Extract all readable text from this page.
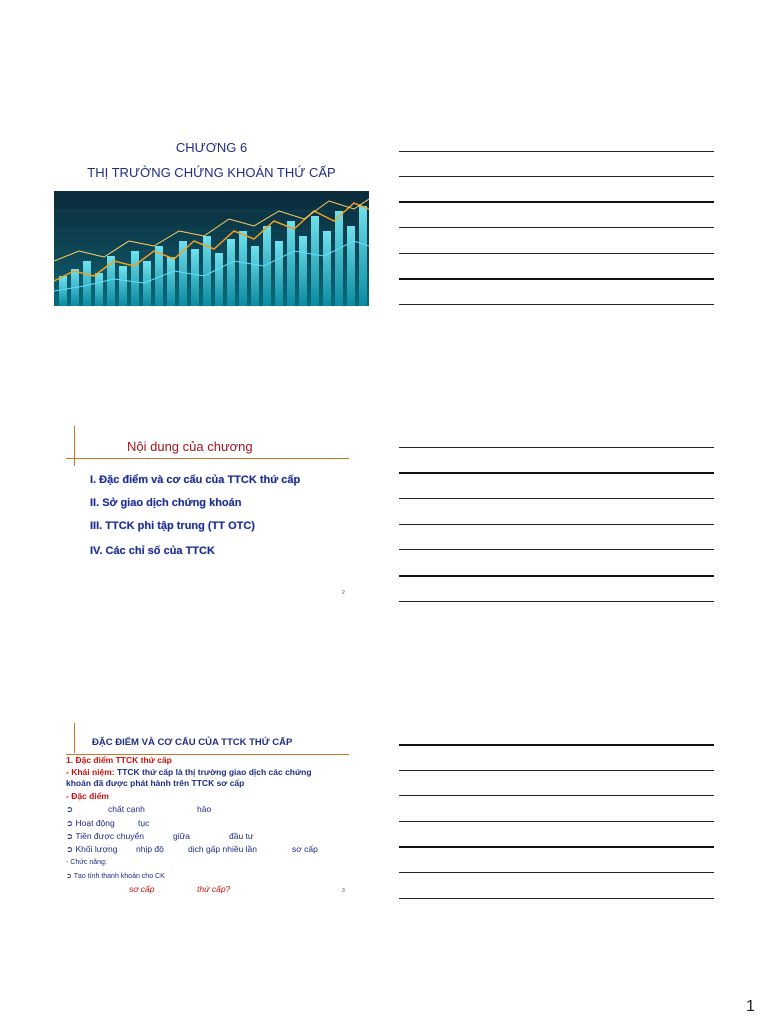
CHƯƠNG 6
THỊ TRƯỜNG CHỨNG KHOÁN THỨ CẤP
Nội dung của chương
I. Đặc điểm và cơ cấu của TTCK thứ cấp
II. Sở giao dịch chứng khoán
III. TTCK phi tập trung (TT OTC)
IV. Các chỉ số của TTCK
2
ĐẶC ĐIỂM VÀ CƠ CẤU CỦA TTCK THỨ CẤP
1. Đặc điểm TTCK thứ cấp
- Khái niệm: TTCK thứ cấp là thị trường giao dịch các chứng
khoán đã được phát hành trên TTCK sơ cấp
- Đặc điểm
➲	chất cạnh	hảo
➲ Hoạt động	tục
➲ Tiền được chuyển	giữa	đầu tư
➲ Khối lượng nhịp độ	dịch gấp nhiều lần	sơ cấp
- Chức năng:
➲ Tạo tính thanh khoản cho CK
sơ cấp	thứ cấp?	3
1
